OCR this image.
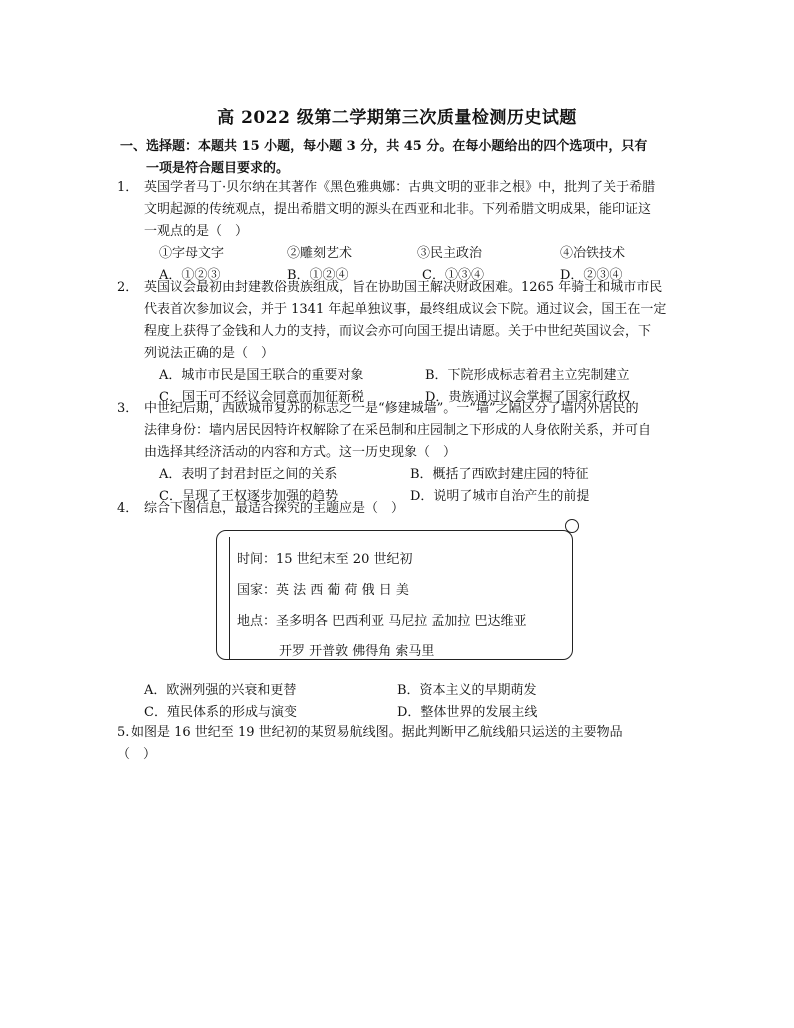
高 2022 级第二学期第三次质量检测历史试题
一、选择题：本题共 15 小题，每小题 3 分，共 45 分。在每小题给出的四个选项中，只有
一项是符合题目要求的。
1． 英国学者马丁·贝尔纳在其著作《黑色雅典娜：古典文明的亚非之根》中，批判了关于希腊
文明起源的传统观点，提出希腊文明的源头在西亚和北非。下列希腊文明成果，能印证这
一观点的是（　）
①字母文字	②雕刻艺术	③民主政治	④冶铁技术
A．①②③	B．①②④	C．①③④	D．②③④
2． 英国议会最初由封建教俗贵族组成，旨在协助国王解决财政困难。1265 年骑士和城市市民
代表首次参加议会，并于 1341 年起单独议事，最终组成议会下院。通过议会，国王在一定
程度上获得了金钱和人力的支持，而议会亦可向国王提出请愿。关于中世纪英国议会，下
列说法正确的是（　）
A．城市市民是国王联合的重要对象	B．下院形成标志着君主立宪制建立
C．国王可不经议会同意而加征新税	D．贵族通过议会掌握了国家行政权
3． 中世纪后期，西欧城市复苏的标志之一是“修建城墙”。一“墙”之隔区分了墙内外居民的
法律身份：墙内居民因特许权解除了在采邑制和庄园制之下形成的人身依附关系，并可自
由选择其经济活动的内容和方式。这一历史现象（　）
A．表明了封君封臣之间的关系	B．概括了西欧封建庄园的特征
C．呈现了王权逐步加强的趋势	D．说明了城市自治产生的前提
4． 综合下图信息，最适合探究的主题应是（　）
时间：15 世纪末至 20 世纪初
国家：英 法 西 葡 荷 俄 日 美
地点：圣多明各 巴西利亚 马尼拉 孟加拉 巴达维亚
开罗 开普敦 佛得角 索马里
A．欧洲列强的兴衰和更替	B．资本主义的早期萌发
C．殖民体系的形成与演变	D．整体世界的发展主线
5. 如图是 16 世纪至 19 世纪初的某贸易航线图。据此判断甲乙航线船只运送的主要物品
（　）
